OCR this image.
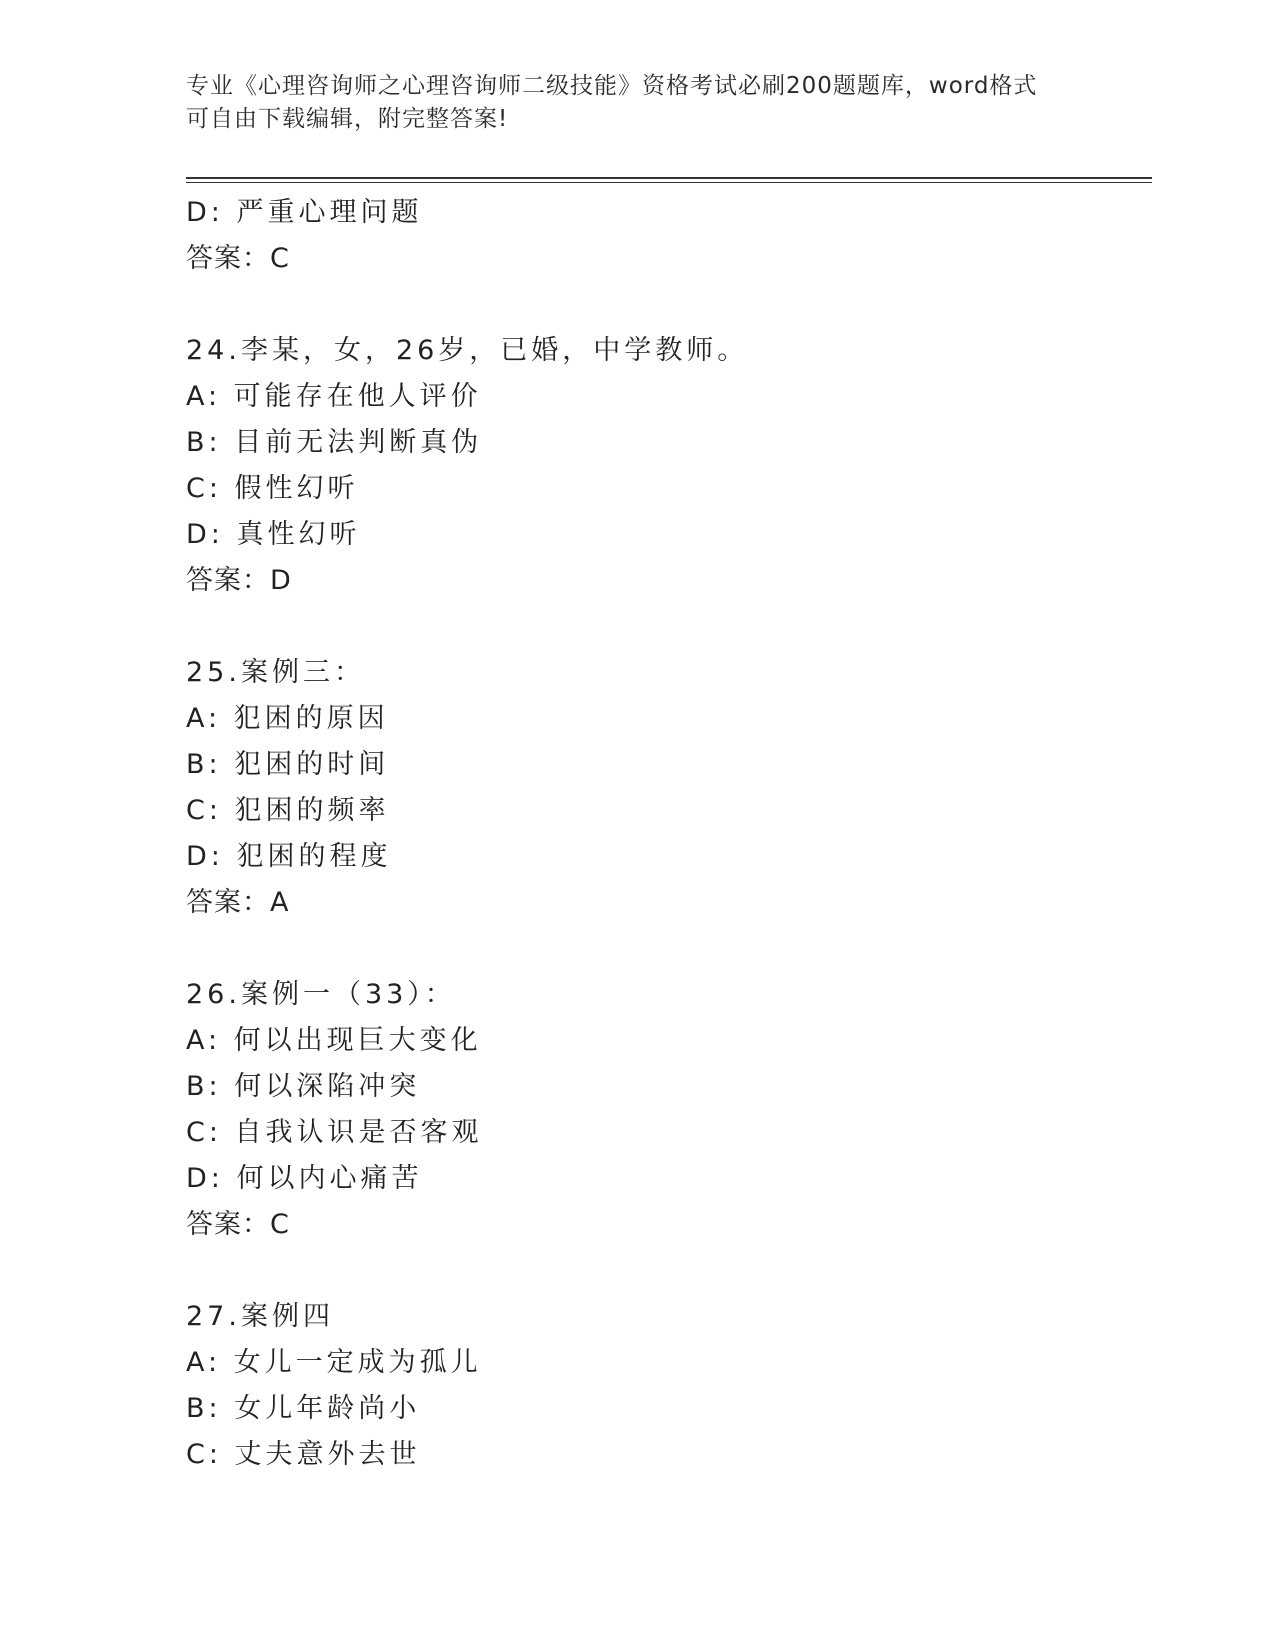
专业《心理咨询师之心理咨询师二级技能》资格考试必刷200题题库，word格式
可自由下载编辑，附完整答案!
D: 严重心理问题
答案：C
24.李某，女，26岁，已婚，中学教师。
A: 可能存在他人评价
B: 目前无法判断真伪
C: 假性幻听
D: 真性幻听
答案：D
25.案例三：
A: 犯困的原因
B: 犯困的时间
C: 犯困的频率
D: 犯困的程度
答案：A
26.案例一（33）：
A: 何以出现巨大变化
B: 何以深陷冲突
C: 自我认识是否客观
D: 何以内心痛苦
答案：C
27.案例四
A: 女儿一定成为孤儿
B: 女儿年龄尚小
C: 丈夫意外去世
